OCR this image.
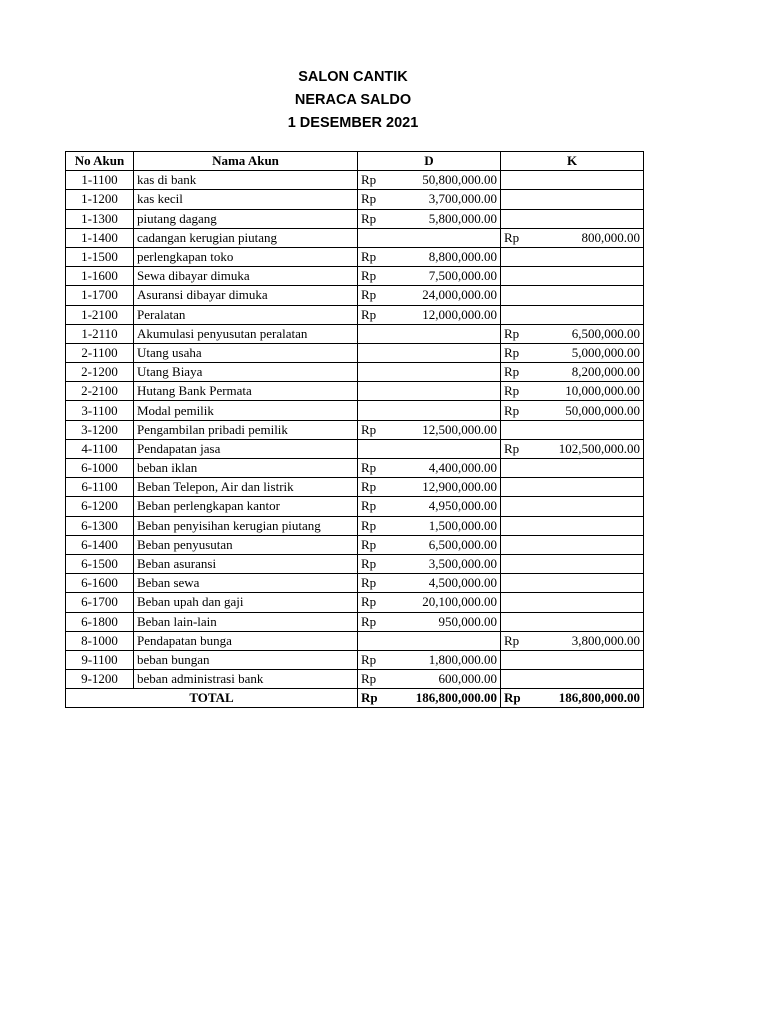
SALON CANTIK
NERACA SALDO
1 DESEMBER 2021
No Akun	Nama Akun	D	K
1-1100	kas di bank	Rp 50,800,000.00	

1-1200	kas kecil	Rp 3,700,000.00	

1-1300	piutang dagang	Rp 5,800,000.00	

1-1400	cadangan kerugian piutang		Rp 800,000.00

1-1500	perlengkapan toko	Rp 8,800,000.00	

1-1600	Sewa dibayar dimuka	Rp 7,500,000.00	

1-1700	Asuransi dibayar dimuka	Rp 24,000,000.00	

1-2100	Peralatan	Rp 12,000,000.00	

1-2110	Akumulasi penyusutan peralatan		Rp 6,500,000.00

2-1100	Utang usaha		Rp 5,000,000.00

2-1200	Utang Biaya		Rp 8,200,000.00

2-2100	Hutang Bank Permata		Rp 10,000,000.00

3-1100	Modal pemilik		Rp 50,000,000.00

3-1200	Pengambilan pribadi pemilik	Rp 12,500,000.00	

4-1100	Pendapatan jasa		Rp 102,500,000.00

6-1000	beban iklan	Rp 4,400,000.00	

6-1100	Beban Telepon, Air dan listrik	Rp 12,900,000.00	

6-1200	Beban perlengkapan kantor	Rp 4,950,000.00	

6-1300	Beban penyisihan kerugian piutang	Rp 1,500,000.00	

6-1400	Beban penyusutan	Rp 6,500,000.00	

6-1500	Beban asuransi	Rp 3,500,000.00	

6-1600	Beban sewa	Rp 4,500,000.00	

6-1700	Beban upah dan gaji	Rp 20,100,000.00	

6-1800	Beban lain-lain	Rp 950,000.00	

8-1000	Pendapatan bunga		Rp 3,800,000.00

9-1100	beban bungan	Rp 1,800,000.00	

9-1200	beban administrasi bank	Rp 600,000.00	

TOTAL		Rp 186,800,000.00	Rp 186,800,000.00
